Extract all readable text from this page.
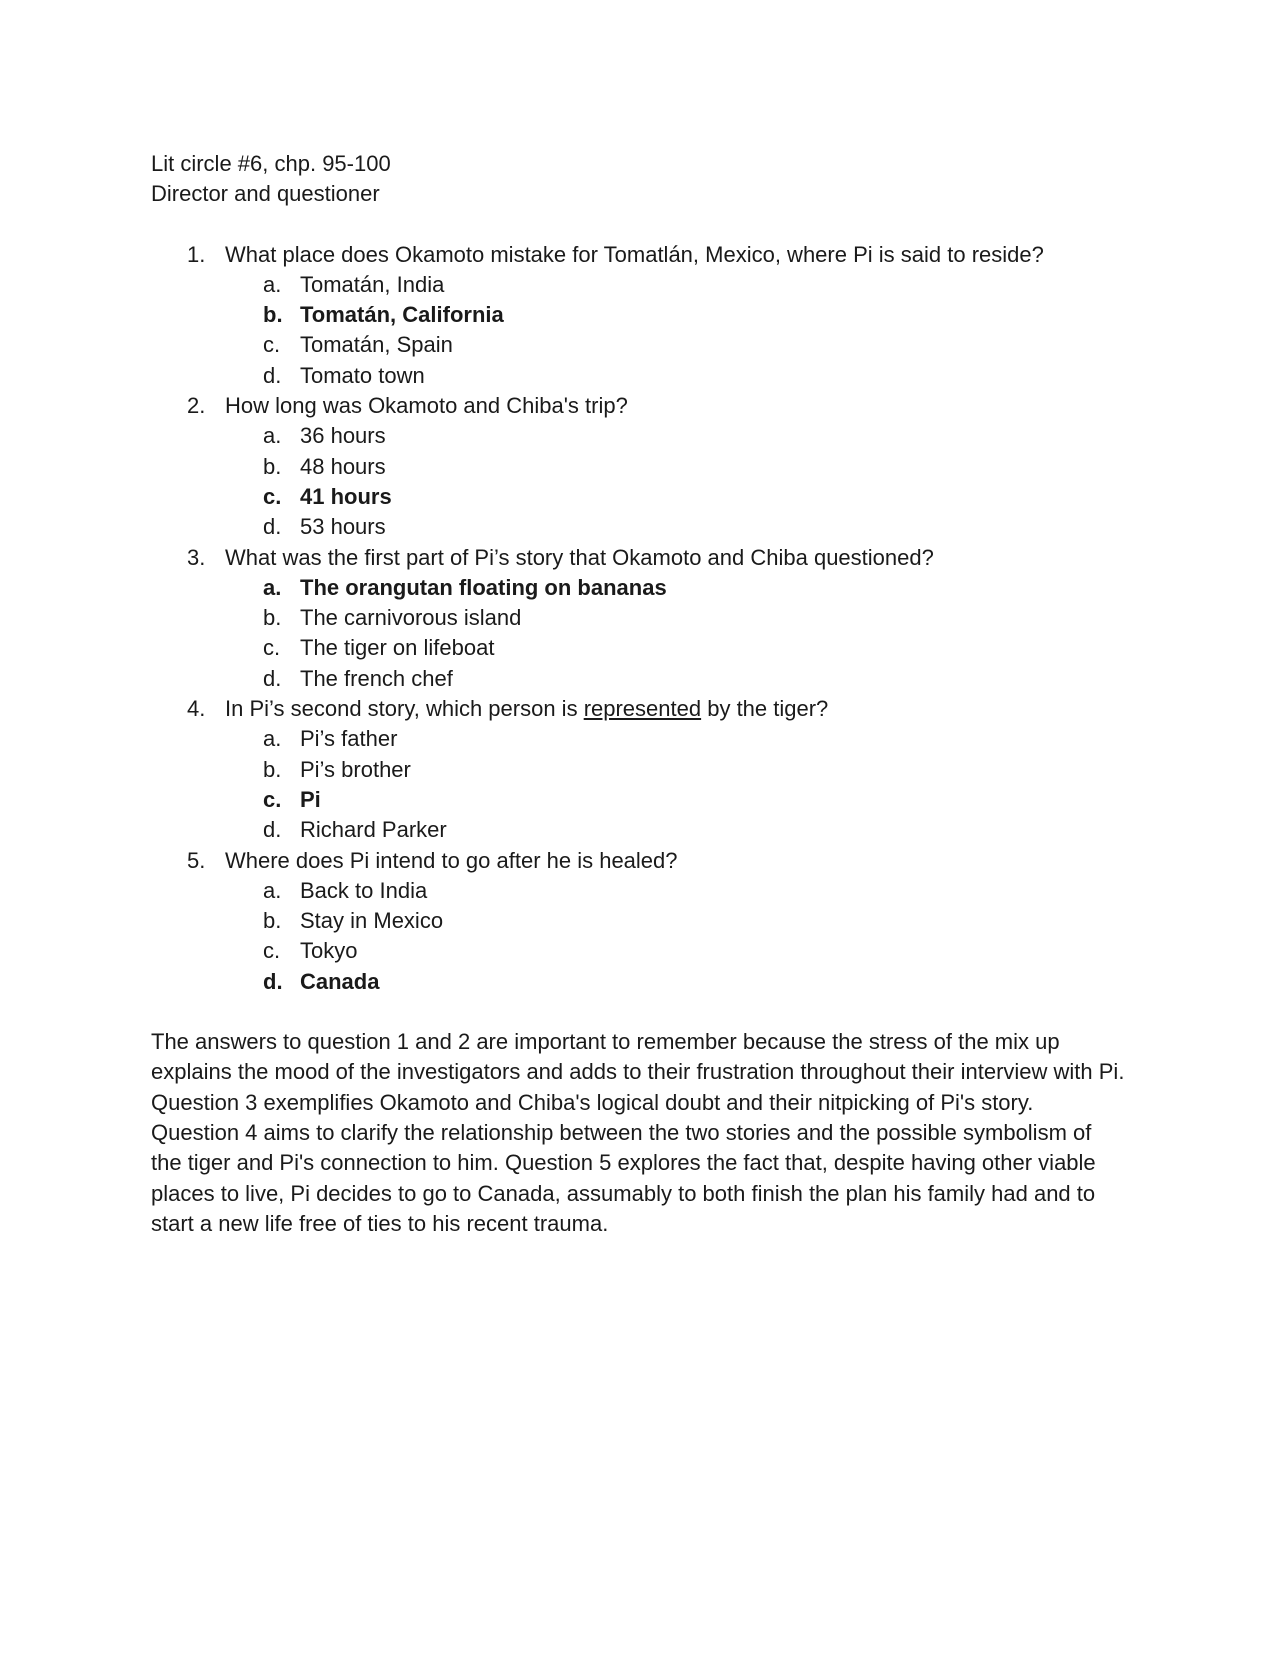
Lit circle #6, chp. 95-100

Director and questioner

1. What place does Okamoto mistake for Tomatlán, Mexico, where Pi is said to reside?
a. Tomatán, India
b. Tomatán, California
c. Tomatán, Spain
d. Tomato town
2. How long was Okamoto and Chiba's trip?
a. 36 hours
b. 48 hours
c. 41 hours
d. 53 hours
3. What was the first part of Pi’s story that Okamoto and Chiba questioned?
a. The orangutan floating on bananas
b. The carnivorous island
c. The tiger on lifeboat
d. The french chef
4. In Pi’s second story, which person is represented by the tiger?
a. Pi’s father
b. Pi’s brother
c. Pi
d. Richard Parker
5. Where does Pi intend to go after he is healed?
a. Back to India
b. Stay in Mexico
c. Tokyo
d. Canada

The answers to question 1 and 2 are important to remember because the stress of the mix up explains the mood of the investigators and adds to their frustration throughout their interview with Pi. Question 3 exemplifies Okamoto and Chiba's logical doubt and their nitpicking of Pi's story. Question 4 aims to clarify the relationship between the two stories and the possible symbolism of the tiger and Pi's connection to him. Question 5 explores the fact that, despite having other viable places to live, Pi decides to go to Canada, assumably to both finish the plan his family had and to start a new life free of ties to his recent trauma.
